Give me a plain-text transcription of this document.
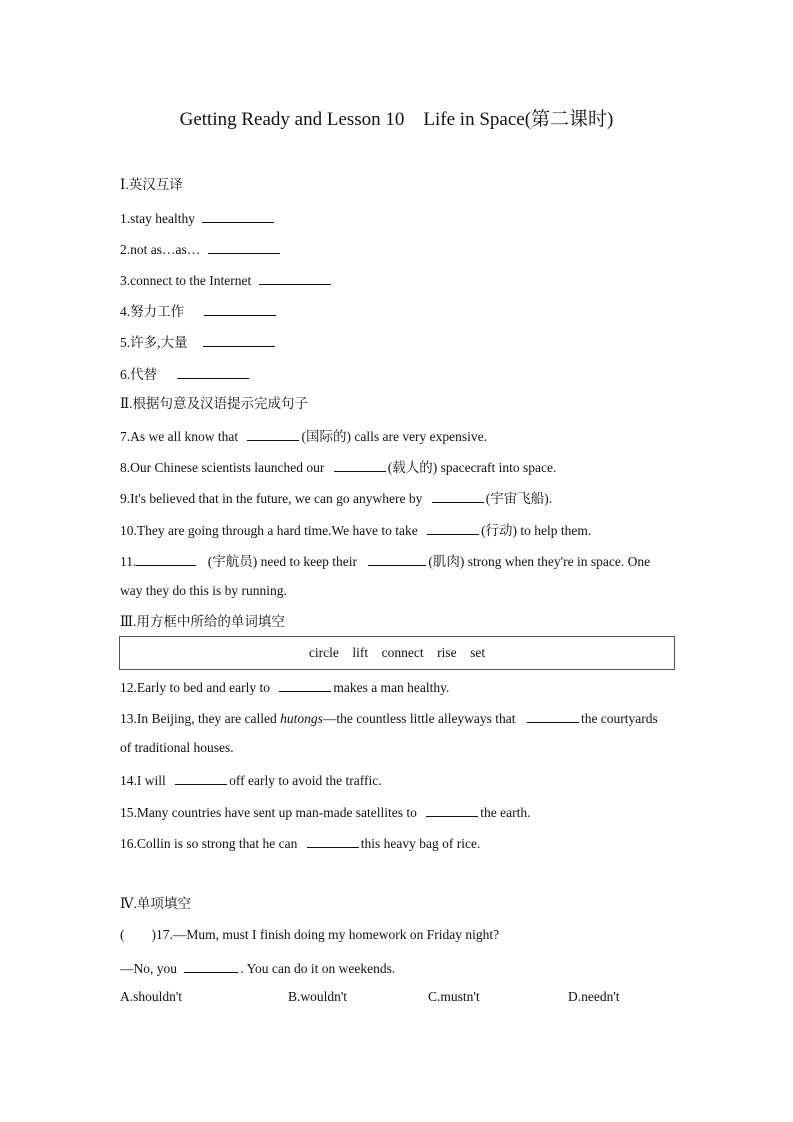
Getting Ready and Lesson 10    Life in Space(第二课时)
Ⅰ.英汉互译
1.stay healthy
2.not as…as…
3.connect to the Internet
4.努力工作
5.许多,大量
6.代替
Ⅱ.根据句意及汉语提示完成句子
7.As we all know that	(国际的) calls are very expensive.
8.Our Chinese scientists launched our	(载人的) spacecraft into space.
9.It's believed that in the future, we can go anywhere by	(宇宙飞船).
10.They are going through a hard time.We have to take	(行动) to help them.
11.	(宇航员) need to keep their	(肌肉) strong when they're in space. One
way they do this is by running.
Ⅲ.用方框中所给的单词填空
circle    lift    connect    rise    set
12.Early to bed and early to	makes a man healthy.
13.In Beijing, they are called hutongs—the countless little alleyways that	the courtyards
of traditional houses.
14.I will	off early to avoid the traffic.
15.Many countries have sent up man-made satellites to	the earth.
16.Collin is so strong that he can	this heavy bag of rice.
Ⅳ.单项填空
(        )17.—Mum, must I finish doing my homework on Friday night?
—No, you	. You can do it on weekends.
A.shouldn't	B.wouldn't	C.mustn't	D.needn't
